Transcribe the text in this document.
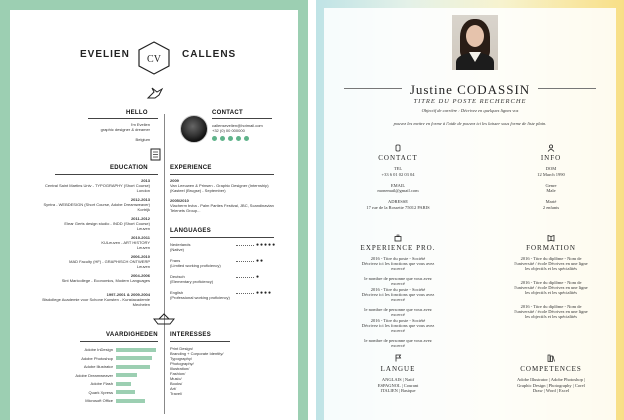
EVELIEN	CALLENS
CV
HELLO
I'm Evelien
graphic designer & dreamer
Belgium
CONTACT
callensevelien@hotmail.com
+32 (0) 00 000000
EDUCATION
2013
Central Saint Martins Univ - TYPOGRAPHY (Short Course)
London
2012-2013
Syntra - WEBDESIGN (Short Course, Adobe Dreamweaver)
Kortrijk
2011-2012
Elear Gerts design studio - INDD (Short Course)
Leuven
2010-2011
KULeuven - ART HISTORY
Leuven
2006-2010
MAD Faculty (HF) - GRAPHISCH ONTWERP
Leuven
2004-2006
Sint Maricollege - Economics, Modern Languages
1997-2001 & 2009-2004
Bisdollege Academie voor Schone Kunsten - Kunstacademie
Mechelen
EXPERIENCE
2009
Van Leeuwen & Prinsen - Graphic Designer (Internship)
(Kasteel (Brugse) - September)
2005/2010
Vlacherm bvba - Palm Parties Festival, JBC, Scandinavian
Telenets Group...
LANGUAGES
Nederlands
(Native)
●●●●●
Frans
(Limited working proficiency)
●●
Deutsch
(Elementary proficiency)
●
English
(Professional working proficiency)
●●●●
VAARDIGHEDEN
Adobe InDesign
Adobe Photoshop
Adobe Illustrator
Adobe Dreamweaver
Adobe Flash
Quark Xpress
Microsoft Office
INTERESSES
Print Design/
Branding + Corporate Identity/
Typography/
Photography/
Illustration/
Fashion/
Music/
Books/
Art/
Travel/
Justine CODASSIN
TITRE DU POSTE RECHERCHE
Objectif de carrière : Décrivez en quelques lignes vos
pouvez les mettre en forme à l'aide de pouvez ici les laisser sous forme de liste plain.
CONTACT
TEL
+33 6 01 02 03 04
EMAIL
monemail@gmail.com
ADRESSE
17 rue de la Rossette 75012 PARIS
INFO
DOM
12 March 1990
Genre
Male
Marié
2 enfants
EXPERIENCE PRO.
2016 - Titre du poste - Société
Décrivez ici les fonctions que vous avez
excercé
le nombre de personne que vous avez
excercé
2016 - Titre du poste - Société
Décrivez ici les fonctions que vous avez
excercé
le nombre de personne que vous avez
excercé
2016 - Titre du poste - Société
Décrivez ici les fonctions que vous avez
excercé
le nombre de personne que vous avez
excercé
FORMATION
2016 - Titre du diplôme - Nom de
l'université / école Décrivez en une ligne
les objectifs et les spécialités
2016 - Titre du diplôme - Nom de
l'université / école Décrivez en une ligne
les objectifs et les spécialités
2016 - Titre du diplôme - Nom de
l'université / école Décrivez en une ligne
les objectifs et les spécialités
LANGUE
ANGLAIS | Natif
ESPAGNOL | Courant
ITALIEN | Basique
COMPETENCES
Adobe Illustrator | Adobe Photoshop |
Graphic Design | Photography | Corel
Draw | Word | Excel
